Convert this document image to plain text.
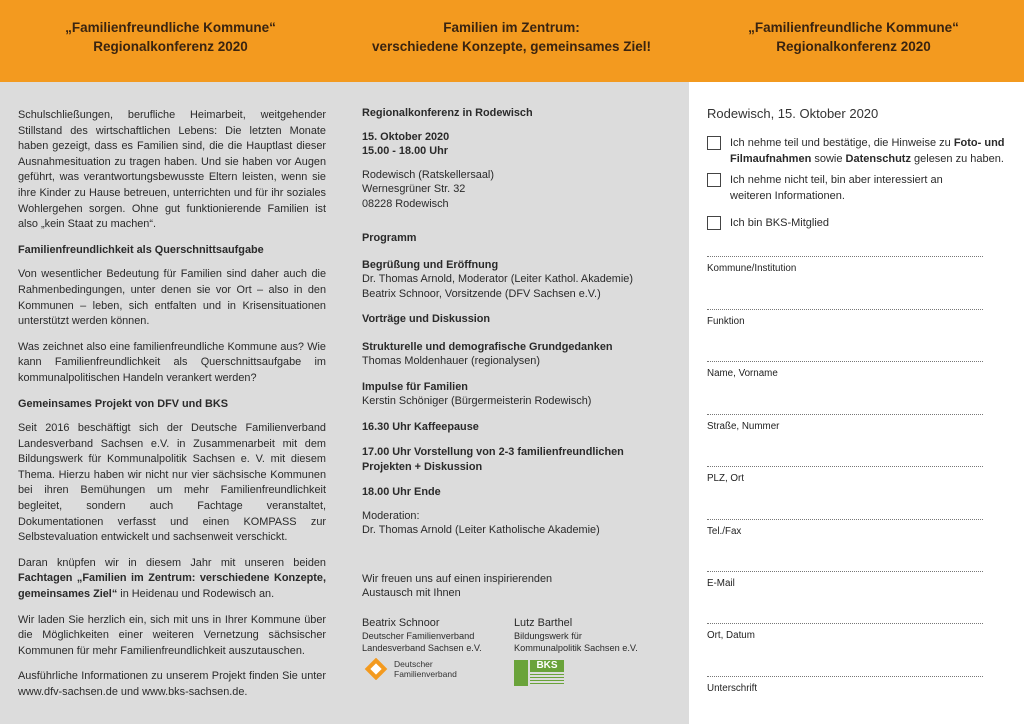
„Familienfreundliche Kommune“
Regionalkonferenz 2020
Familien im Zentrum:
verschiedene Konzepte, gemeinsames Ziel!
„Familienfreundliche Kommune“
Regionalkonferenz 2020

Schulschließungen, berufliche Heimarbeit, weitgehender Stillstand des wirtschaftlichen Lebens: Die letzten Monate haben gezeigt, dass es Familien sind, die die Hauptlast dieser Ausnahmesituation zu tragen haben. Und sie haben vor Augen geführt, was verantwortungsbewusste Eltern leisten, wenn sie ihre Kinder zu Hause betreuen, unterrichten und für ihr soziales Wohlergehen sorgen. Ohne gut funktionierende Familien ist also „kein Staat zu machen“.

Familienfreundlichkeit als Querschnittsaufgabe

Von wesentlicher Bedeutung für Familien sind daher auch die Rahmenbedingungen, unter denen sie vor Ort – also in den Kommunen – leben, sich entfalten und in Krisensituationen unterstützt werden können.

Was zeichnet also eine familienfreundliche Kommune aus? Wie kann Familienfreundlichkeit als Querschnittsaufgabe im kommunalpolitischen Handeln verankert werden?

Gemeinsames Projekt von DFV und BKS

Seit 2016 beschäftigt sich der Deutsche Familienverband Landesverband Sachsen e.V. in Zusammenarbeit mit dem Bildungswerk für Kommunalpolitik Sachsen e. V. mit diesem Thema. Hierzu haben wir nicht nur vier sächsische Kommunen bei ihren Bemühungen um mehr Familienfreundlichkeit begleitet, sondern auch Fachtage veranstaltet, Dokumentationen verfasst und einen KOMPASS zur Selbstevaluation entwickelt und sachsenweit verschickt.

Daran knüpfen wir in diesem Jahr mit unseren beiden Fachtagen „Familien im Zentrum: verschiedene Konzepte, gemeinsames Ziel“ in Heidenau und Rodewisch an.

Wir laden Sie herzlich ein, sich mit uns in Ihrer Kommune über die Möglichkeiten einer weiteren Vernetzung sächsischer Kommunen für mehr Familienfreundlichkeit auszutauschen.

Ausführliche Informationen zu unserem Projekt finden Sie unter www.dfv-sachsen.de und www.bks-sachsen.de.

Regionalkonferenz in Rodewisch
15. Oktober 2020
15.00 - 18.00 Uhr
Rodewisch (Ratskellersaal)
Wernesgrüner Str. 32
08228 Rodewisch
Programm
Begrüßung und Eröffnung
Dr. Thomas Arnold, Moderator (Leiter Kathol. Akademie)
Beatrix Schnoor, Vorsitzende (DFV Sachsen e.V.)
Vorträge und Diskussion
Strukturelle und demografische Grundgedanken
Thomas Moldenhauer (regionalysen)
Impulse für Familien
Kerstin Schöniger (Bürgermeisterin Rodewisch)
16.30 Uhr Kaffeepause
17.00 Uhr Vorstellung von 2-3 familienfreundlichen
Projekten + Diskussion
18.00 Uhr Ende
Moderation:
Dr. Thomas Arnold (Leiter Katholische Akademie)
Wir freuen uns auf einen inspirierenden
Austausch mit Ihnen
Beatrix Schnoor
Deutscher Familienverband
Landesverband Sachsen e.V.
Lutz Barthel
Bildungswerk für
Kommunalpolitik Sachsen e.V.
Deutscher
Familienverband
BKS
Rodewisch, 15. Oktober 2020
Ich nehme teil und bestätige, die Hinweise zu Foto- und Filmaufnahmen sowie Datenschutz gelesen zu haben.
Ich nehme nicht teil, bin aber interessiert an weiteren Informationen.
Ich bin BKS-Mitglied
Kommune/Institution
Funktion
Name, Vorname
Straße, Nummer
PLZ, Ort
Tel./Fax
E-Mail
Ort, Datum
Unterschrift
